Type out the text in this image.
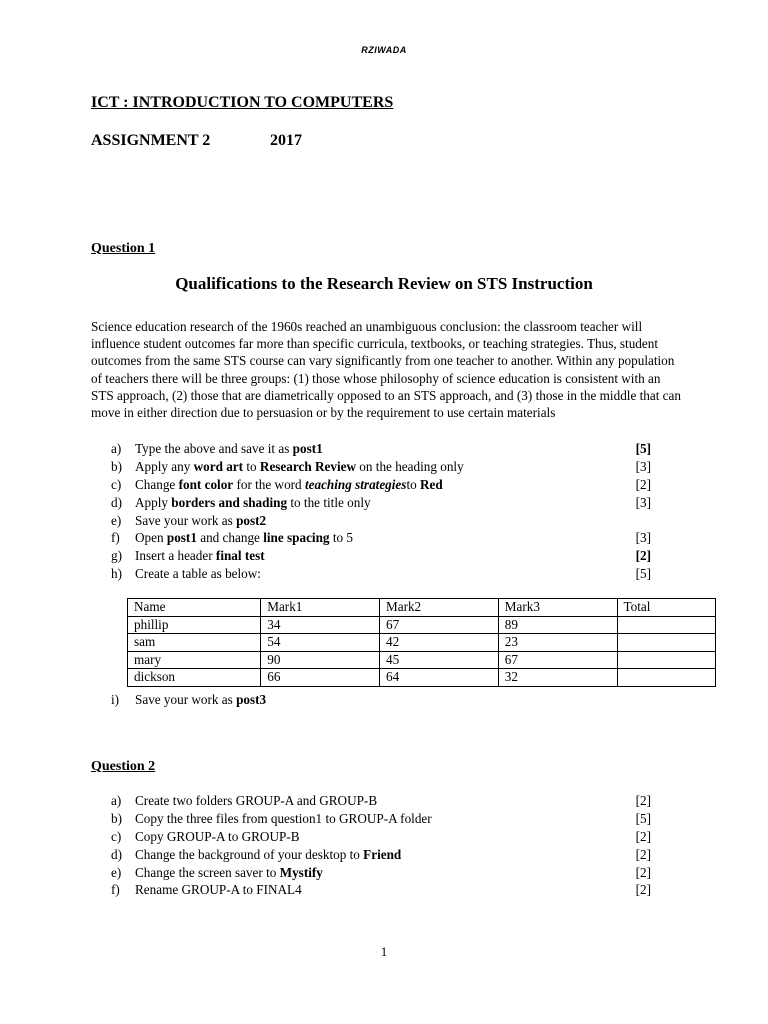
RZIWADA
ICT : INTRODUCTION TO COMPUTERS
ASSIGNMENT 2	2017
Question 1
Qualifications to the Research Review on STS Instruction
Science education research of the 1960s reached an unambiguous conclusion: the classroom teacher will influence student outcomes far more than specific curricula, textbooks, or teaching strategies. Thus, student outcomes from the same STS course can vary significantly from one teacher to another. Within any population of teachers there will be three groups: (1) those whose philosophy of science education is consistent with an STS approach, (2) those that are diametrically opposed to an STS approach, and (3) those in the middle that can move in either direction due to persuasion or by the requirement to use certain materials
a)	Type the above and save it as post1	[5]
b) Apply any word art to Research Review on the heading only	[3]
c)	Change font color for the word teaching strategiesto Red	[2]
d) Apply borders and shading to the title only	[3]
e)	Save your work as post2
f)	Open post1 and change line spacing to 5	[3]
g) Insert a header final test	[2]
h) Create a table as below:	[5]
Name	Mark1	Mark2	Mark3	Total
phillip	34	67	89	
sam	54	42	23	
mary	90	45	67	
dickson	66	64	32	
i)	Save your work as post3
Question 2
a)	Create two folders GROUP-A and GROUP-B	[2]
b) Copy the three files from question1 to GROUP-A folder	[5]
c)	Copy GROUP-A to GROUP-B	[2]
d) Change the background of your desktop to Friend	[2]
e)	Change the screen saver to Mystify	[2]
f)	Rename GROUP-A to FINAL4	[2]
1
